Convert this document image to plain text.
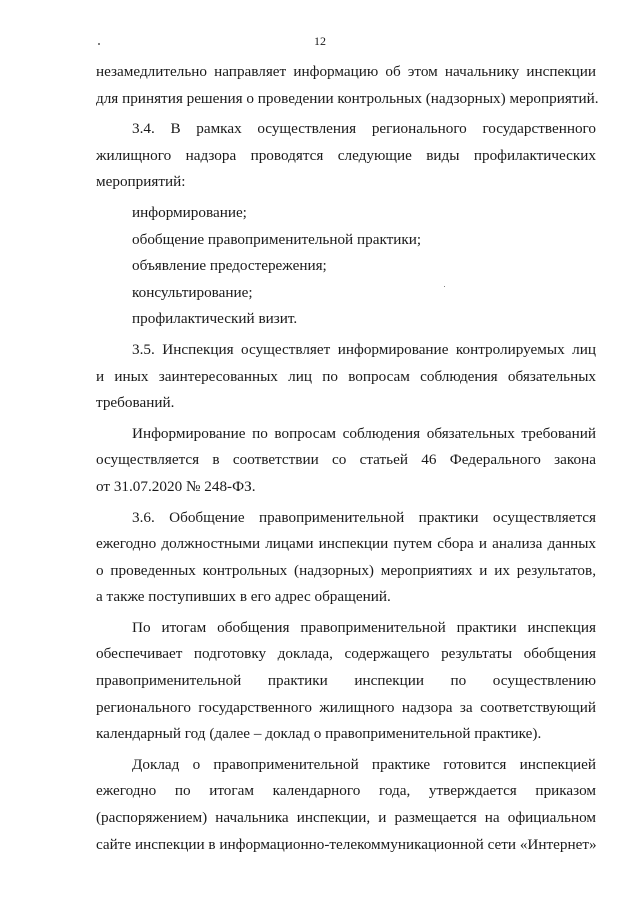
12
незамедлительно направляет информацию об этом начальнику инспекции
для принятия решения о проведении контрольных (надзорных) мероприятий.
3.4. В рамках осуществления регионального государственного
жилищного надзора проводятся следующие виды профилактических
мероприятий:
информирование;
обобщение правоприменительной практики;
объявление предостережения;
консультирование;
профилактический визит.
3.5. Инспекция осуществляет информирование контролируемых лиц
и иных заинтересованных лиц по вопросам соблюдения обязательных
требований.
Информирование по вопросам соблюдения обязательных требований
осуществляется в соответствии со статьей 46 Федерального закона
от 31.07.2020 № 248-ФЗ.
3.6. Обобщение правоприменительной практики осуществляется
ежегодно должностными лицами инспекции путем сбора и анализа данных
о проведенных контрольных (надзорных) мероприятиях и их результатов,
а также поступивших в его адрес обращений.
По итогам обобщения правоприменительной практики инспекция
обеспечивает подготовку доклада, содержащего результаты обобщения
правоприменительной практики инспекции по осуществлению
регионального государственного жилищного надзора за соответствующий
календарный год (далее – доклад о правоприменительной практике).
Доклад о правоприменительной практике готовится инспекцией
ежегодно по итогам календарного года, утверждается приказом
(распоряжением) начальника инспекции, и размещается на официальном
сайте инспекции в информационно-телекоммуникационной сети «Интернет»
